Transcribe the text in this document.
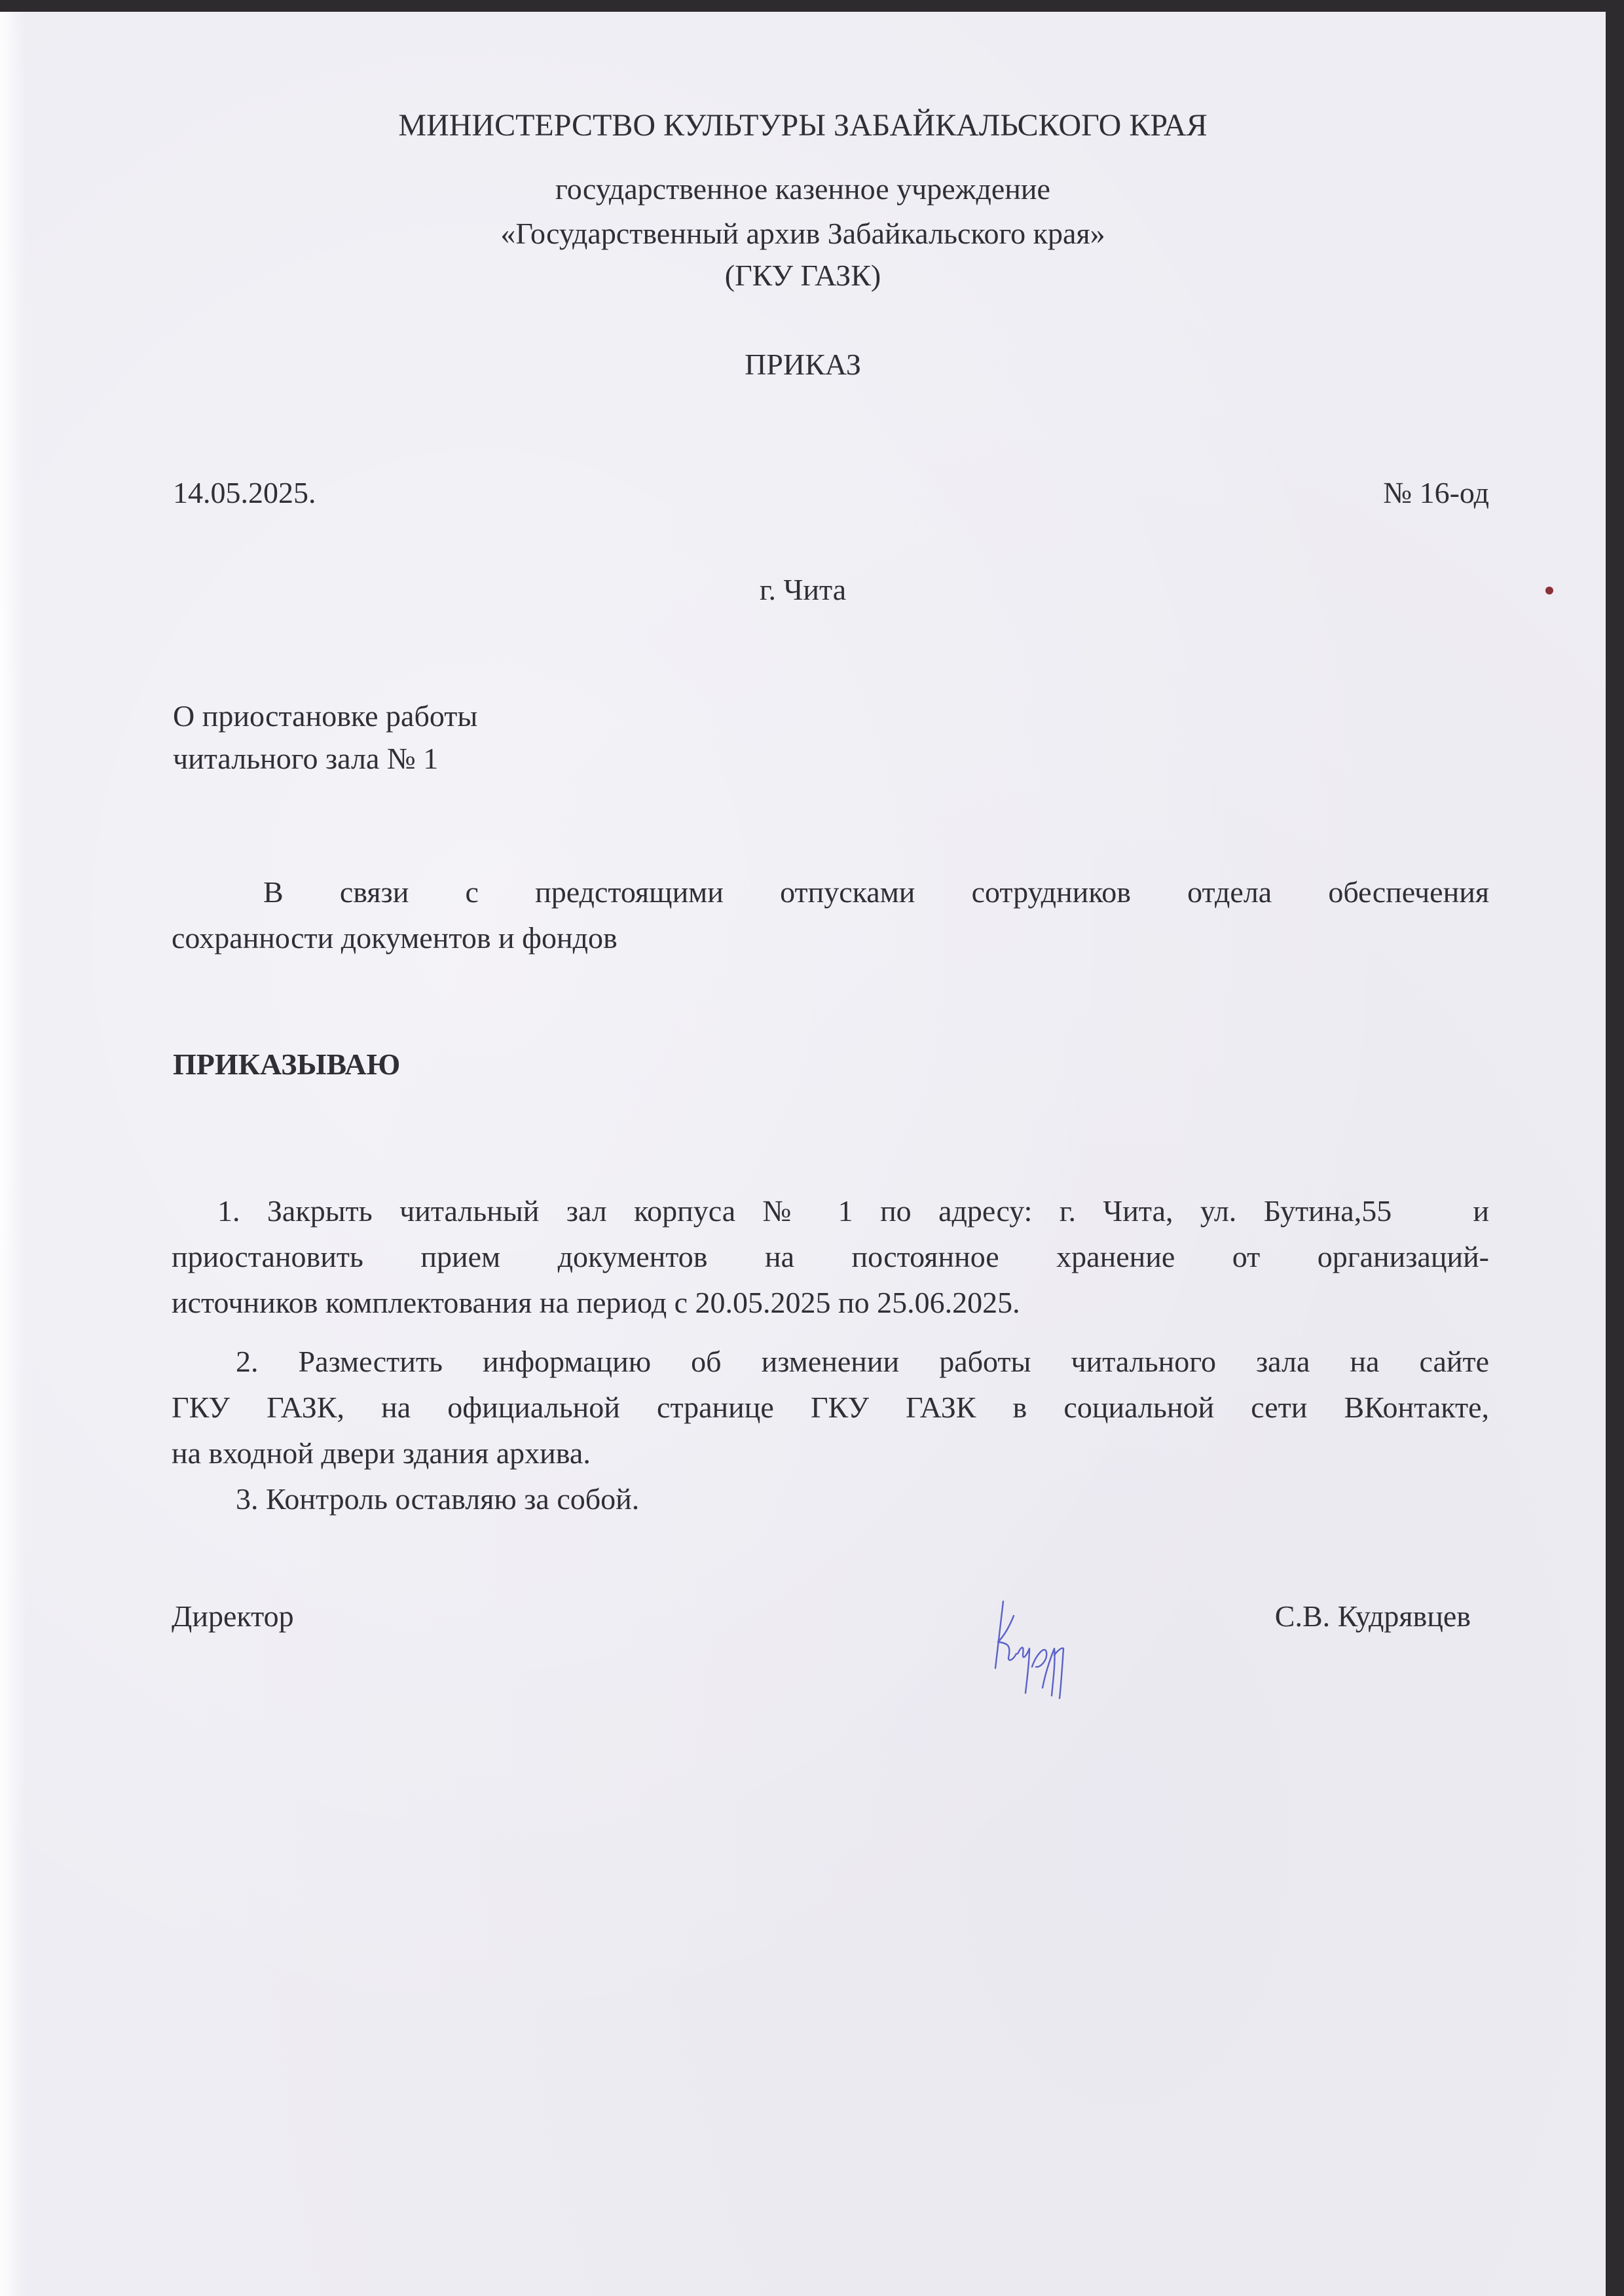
МИНИСТЕРСТВО КУЛЬТУРЫ ЗАБАЙКАЛЬСКОГО КРАЯ
государственное казенное учреждение
«Государственный архив Забайкальского края»
(ГКУ ГАЗК)
ПРИКАЗ
14.05.2025.	№ 16-од
г. Чита
О приостановке работы
читального зала № 1
В связи с предстоящими отпусками сотрудников отдела обеспечения
сохранности документов и фондов
ПРИКАЗЫВАЮ
1. Закрыть читальный зал корпуса № 1 по адресу: г. Чита, ул. Бутина,55   и
приостановить прием документов на постоянное хранение от организаций-
источников комплектования на период с 20.05.2025 по 25.06.2025.
2. Разместить информацию об изменении работы читального зала на сайте
ГКУ ГАЗК, на официальной странице ГКУ ГАЗК в социальной сети ВКонтакте,
на входной двери здания архива.
3. Контроль оставляю за собой.
Директор	С.В. Кудрявцев
